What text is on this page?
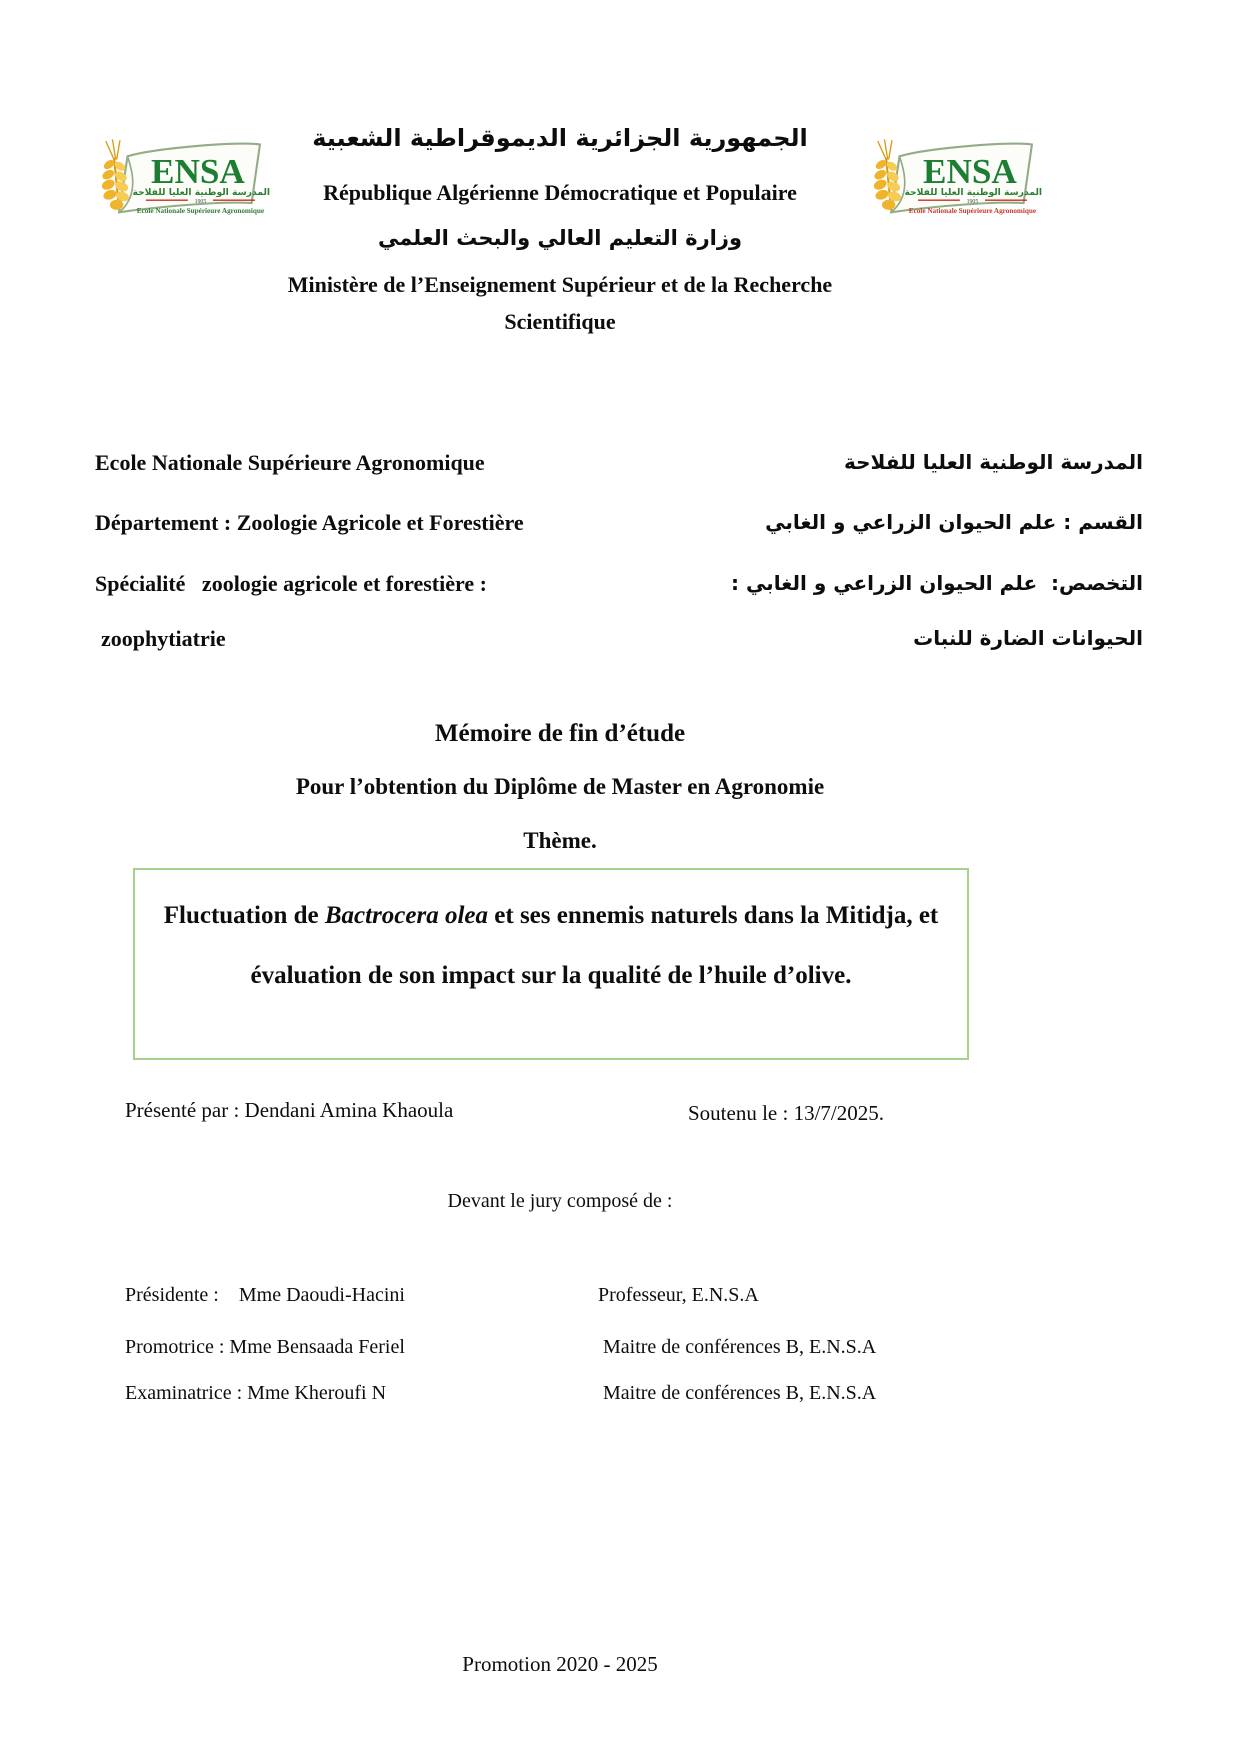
ENSA
المدرسة الوطنية العليا للفلاحة
1905
Ecole Nationale Supérieure Agronomique
ENSA
المدرسة الوطنية العليا للفلاحة
1905
Ecole Nationale Supérieure Agronomique
الجمهورية الجزائرية الديموقراطية الشعبية
République Algérienne Démocratique et Populaire
وزارة التعليم العالي والبحث العلمي
Ministère de l’Enseignement Supérieur et de la Recherche
Scientifique
Ecole Nationale Supérieure Agronomique	المدرسة الوطنية العليا للفلاحة
Département : Zoologie Agricole et Forestière	القسم : علم الحيوان الزراعي و الغابي
Spécialité   zoologie agricole et forestière :	التخصص:  علم الحيوان الزراعي و الغابي :
zoophytiatrie	الحيوانات الضارة للنبات
Mémoire de fin d’étude
Pour l’obtention du Diplôme de Master en Agronomie
Thème.
Fluctuation de Bactrocera olea et ses ennemis naturels dans la Mitidja, et évaluation de son impact sur la qualité de l’huile d’olive.
Présenté par : Dendani Amina Khaoula	Soutenu le : 13/7/2025.
Devant le jury composé de :
Présidente :    Mme Daoudi-Hacini	Professeur, E.N.S.A
Promotrice : Mme Bensaada Feriel	Maitre de conférences B, E.N.S.A
Examinatrice : Mme Kheroufi N	Maitre de conférences B, E.N.S.A
Promotion 2020 - 2025
